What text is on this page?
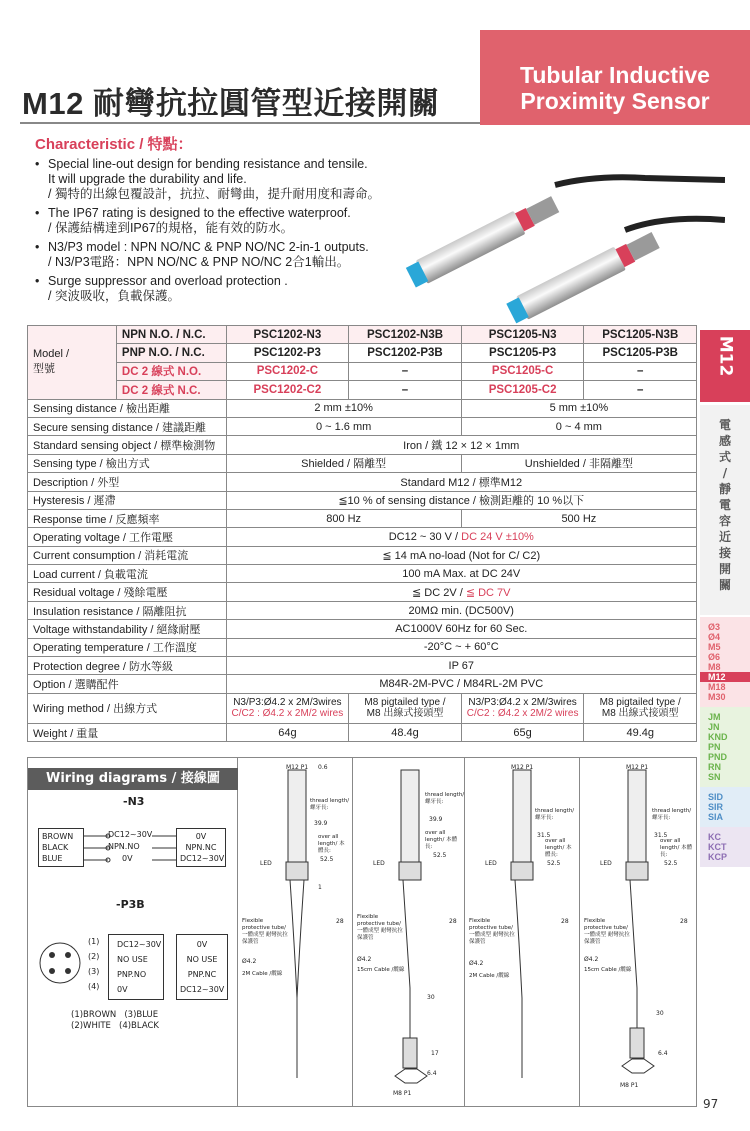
M12 耐彎抗拉圓管型近接開關
Tubular Inductive
Proximity Sensor
Characteristic / 特點：
• Special line-out design for bending resistance and tensile.
It will upgrade the durability and life.
/ 獨特的出線包覆設計，抗拉、耐彎曲，提升耐用度和壽命。
• The IP67 rating is designed to the effective waterproof.
/ 保護結構達到IP67的規格，能有效的防水。
• N3/P3 model : NPN NO/NC & PNP NO/NC 2-in-1 outputs.
/ N3/P3電路：NPN NO/NC & PNP NO/NC 2合1輸出。
• Surge suppressor and overload protection .
/ 突波吸收，負載保護。
M12
電
感
式
/
靜
電
容
近
接
開
關
Ø3
Ø4
M5
Ø6
M8
M12
M18
M30
JM
JN
KND
PN
PND
RN
SN
SID
SIR
SIA
KC
KCT
KCP
Model /
型號	NPN N.O. / N.C.	PSC1202-N3	PSC1202-N3B	PSC1205-N3	PSC1205-N3B
	PNP N.O. / N.C.	PSC1202-P3	PSC1202-P3B	PSC1205-P3	PSC1205-P3B
	DC 2 線式 N.O.	PSC1202-C	–	PSC1205-C	–
	DC 2 線式 N.C.	PSC1202-C2	–	PSC1205-C2	–
Sensing distance / 檢出距離		2 mm ±10%		5 mm ±10%	
Secure sensing distance / 建議距離		0 ~ 1.6 mm		0 ~ 4 mm	
Standard sensing object / 標準檢測物		Iron / 鐵 12 × 12 × 1mm			
Sensing type / 檢出方式		Shielded / 隔離型		Unshielded / 非隔離型	
Description / 外型		Standard M12 / 標準M12			
Hysteresis / 遲滯		≦10 % of sensing distance / 檢測距離的 10 %以下			
Response time / 反應頻率		800 Hz		500 Hz	
Operating voltage / 工作電壓		DC12 ~ 30 V / DC 24 V ±10%			
Current consumption / 消耗電流		≦ 14 mA no-load (Not for C/ C2)			
Load current / 負載電流		100 mA Max. at DC 24V			
Residual voltage / 殘餘電壓		≦ DC 2V / ≦ DC 7V			
Insulation resistance / 隔離阻抗		20MΩ min. (DC500V)			
Voltage withstandability / 絕緣耐壓		AC1000V 60Hz for 60 Sec.			
Operating temperature / 工作溫度		-20°C ~ + 60°C			
Protection degree / 防水等級		IP 67			
Option / 選購配件		M84R-2M-PVC / M84RL-2M PVC			
Wiring method / 出線方式		N3/P3:Ø4.2 x 2M/3wires
C/C2 : Ø4.2 x 2M/2 wires	M8 pigtailed type /
M8 出線式接頭型	N3/P3:Ø4.2 x 2M/3wires
C/C2 : Ø4.2 x 2M/2 wires	M8 pigtailed type /
M8 出線式接頭型
Weight / 重量		64g	48.4g	65g	49.4g
Wiring diagrams / 接線圖
-N3
BROWN
BLACK
BLUE
DC12~30V
NPN.NO
0V
0V
NPN.NC
DC12~30V
-P3B
(1)
(2)
(3)
(4)
DC12~30V
NO USE
PNP.NO
0V
0V
NO USE
PNP.NC
DC12~30V
(1)BROWN (3)BLUE
(2)WHITE (4)BLACK
M12 P1 0.6
thread length/ 螺牙長:
39.9
over all length/ 本體長:
52.5
LED
1
28
Flexible protective tube/ 一體成型 耐彎抗拉保護管
Ø4.2
2M Cable /纜線
thread length/ 螺牙長:
39.9
over all length/ 本體長:
52.5
LED
28
Flexible protective tube/ 一體成型 耐彎抗拉保護管
Ø4.2
15cm Cable /纜線
30
17
6.4
M8 P1
M12 P1
thread length/ 螺牙長:
31.5
over all length/ 本體長:
52.5
LED
28
Flexible protective tube/ 一體成型 耐彎抗拉保護管
Ø4.2
2M Cable /纜線
M12 P1
thread length/ 螺牙長:
31.5
over all length/ 本體長:
52.5
LED
28
Flexible protective tube/ 一體成型 耐彎抗拉保護管
Ø4.2
15cm Cable /纜線
30
6.4
M8 P1
97
